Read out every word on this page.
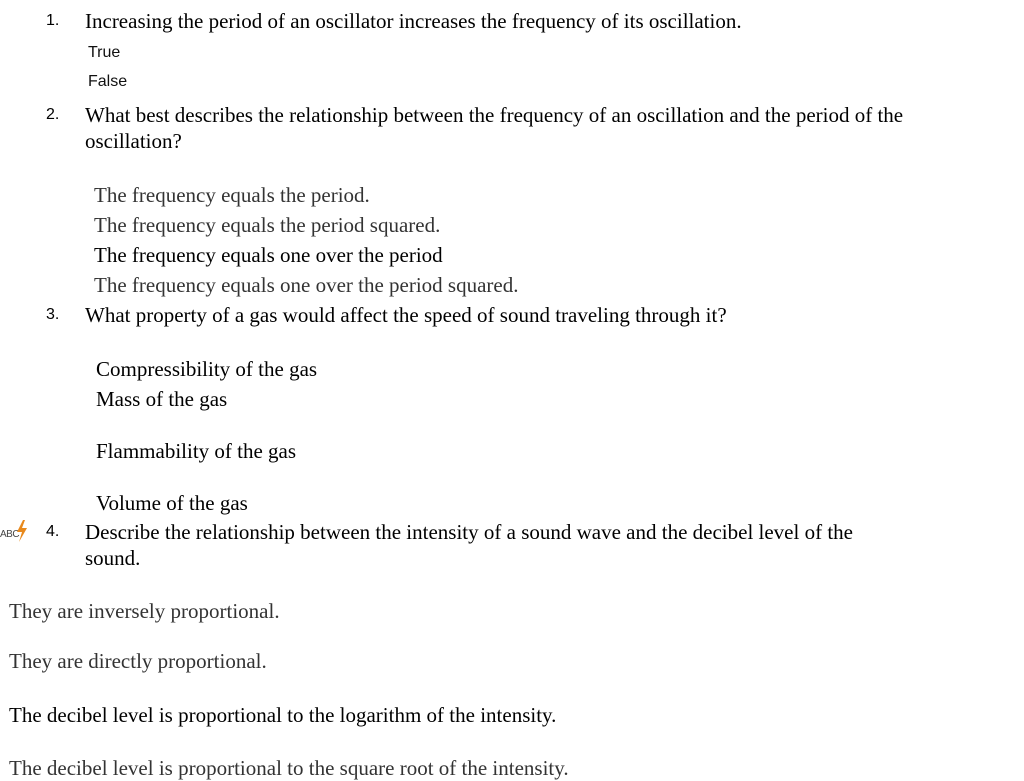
1. Increasing the period of an oscillator increases the frequency of its oscillation.
True
False
2. What best describes the relationship between the frequency of an oscillation and the period of the
oscillation?
The frequency equals the period.
The frequency equals the period squared.
The frequency equals one over the period
The frequency equals one over the period squared.
3. What property of a gas would affect the speed of sound traveling through it?
Compressibility of the gas
Mass of the gas
Flammability of the gas
Volume of the gas
ABC 4. Describe the relationship between the intensity of a sound wave and the decibel level of the
sound.
They are inversely proportional.
They are directly proportional.
The decibel level is proportional to the logarithm of the intensity.
The decibel level is proportional to the square root of the intensity.
